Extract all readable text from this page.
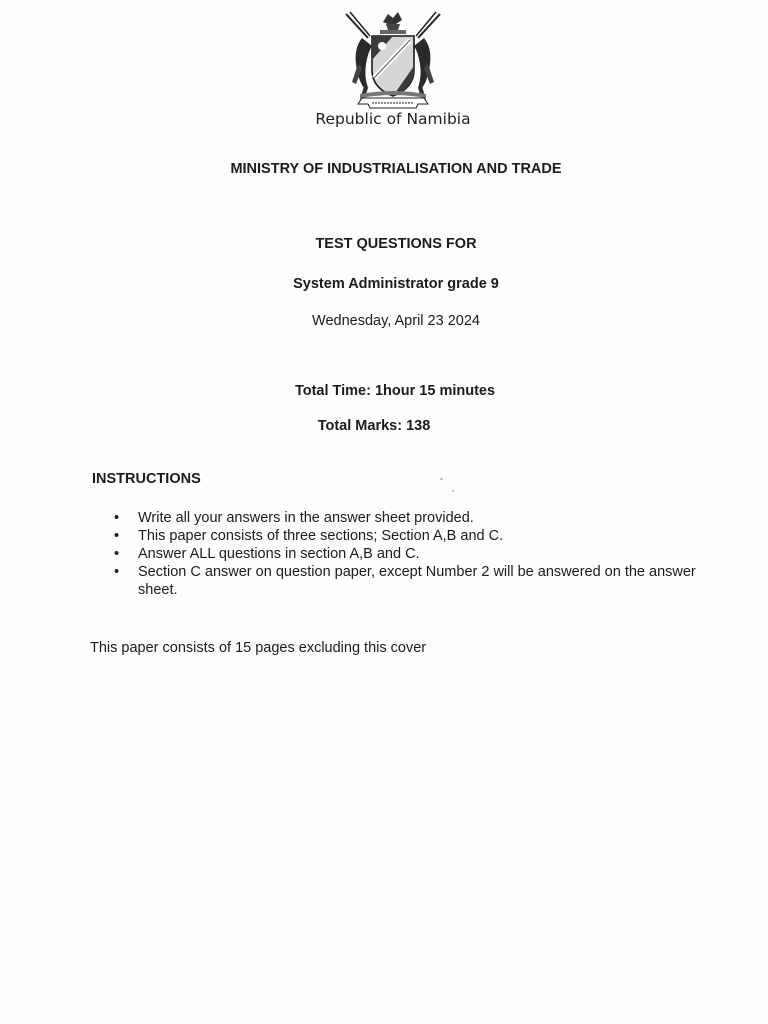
Republic of Namibia
MINISTRY OF INDUSTRIALISATION AND TRADE
TEST QUESTIONS FOR
System Administrator grade 9
Wednesday, April 23 2024
Total Time: 1hour 15 minutes
Total Marks: 138
INSTRUCTIONS
• Write all your answers in the answer sheet provided.
• This paper consists of three sections; Section A,B and C.
• Answer ALL questions in section A,B and C.
• Section C answer on question paper, except Number 2 will be answered on the answer sheet.
This paper consists of 15 pages excluding this cover
